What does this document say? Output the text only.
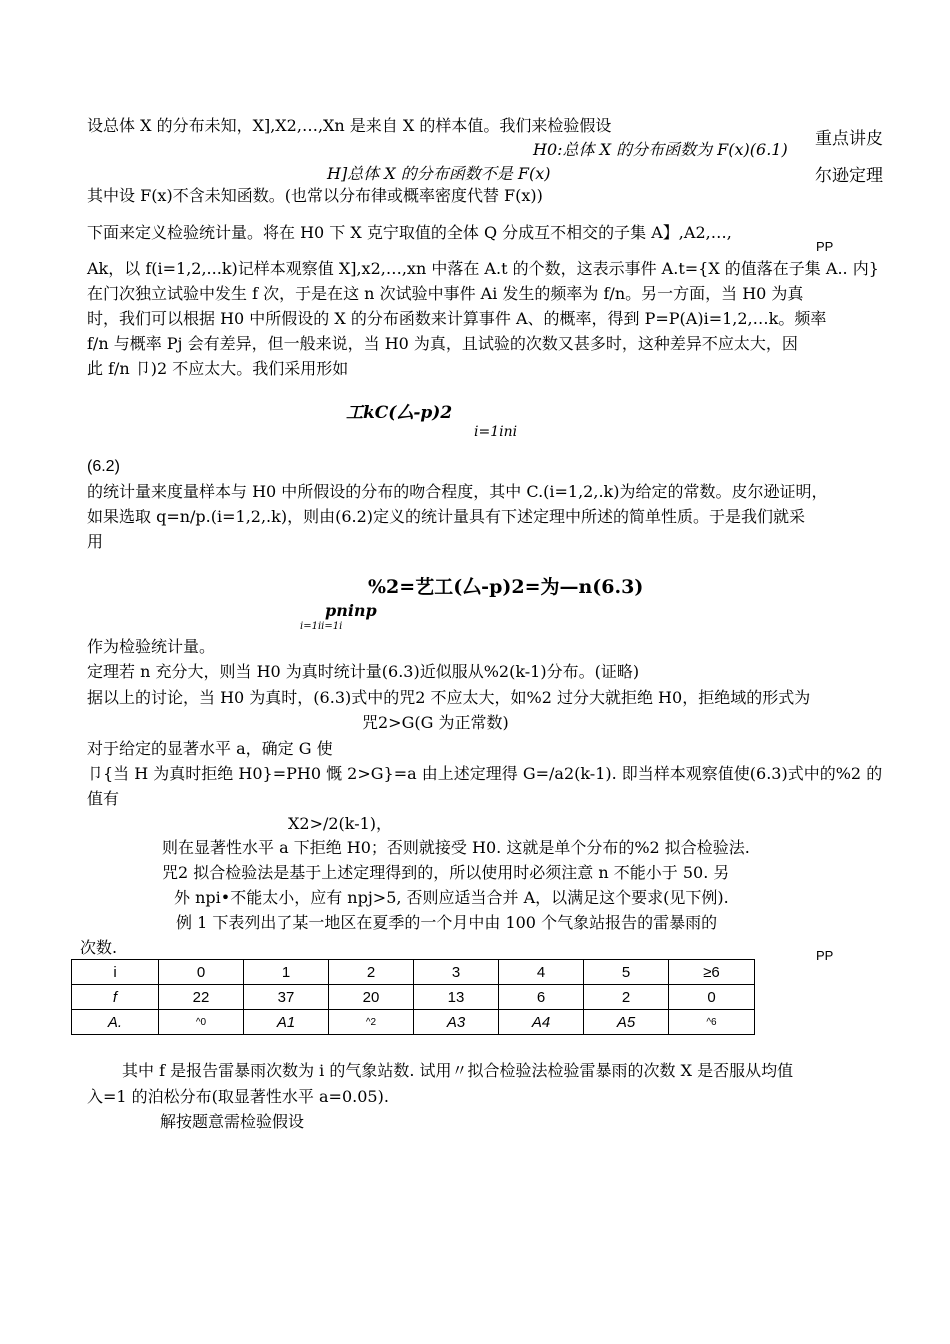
重点讲皮
尔逊定理
PP
PP
设总体 X 的分布未知，X],X2,…,Xn 是来自 X 的样本值。我们来检验假设
H0:总体 X 的分布函数为 F(x)(6.1)
H]总体 X 的分布函数不是 F(x)
其中设 F(x)不含未知函数。(也常以分布律或概率密度代替 F(x))
下面来定义检验统计量。将在 H0 下 X 克宁取值的全体 Q 分成互不相交的子集 A】,A2,…,
Ak，以 f(i=1,2,...k)记样本观察值 X],x2,…,xn 中落在 A.t 的个数，这表示事件 A.t={X 的值落在子集 A.. 内}
在门次独立试验中发生 f 次，于是在这 n 次试验中事件 Ai 发生的频率为 f/n。另一方面，当 H0 为真
时，我们可以根据 H0 中所假设的 X 的分布函数来计算事件 A、的概率，得到 P=P(A)i=1,2,…k。频率
f/n 与概率 Pj 会有差异，但一般来说，当 H0 为真，且试验的次数又甚多时，这种差异不应太大，因
此 f/n 卩)2 不应太大。我们采用形如
工kC(厶-p)2
i=1ini
(6.2)
的统计量来度量样本与 H0 中所假设的分布的吻合程度，其中 C.(i=1,2,.k)为给定的常数。皮尔逊证明，
如果选取 q=n/p.(i=1,2,.k)，则由(6.2)定义的统计量具有下述定理中所述的简单性质。于是我们就采
用
%2=艺工(厶-p)2=为—n(6.3)
pninp
i=1ii=1i
作为检验统计量。
定理若 n 充分大，则当 H0 为真时统计量(6.3)近似服从%2(k-1)分布。(证略)
据以上的讨论，当 H0 为真时，(6.3)式中的咒2 不应太大，如%2 过分大就拒绝 H0，拒绝域的形式为
咒2>G(G 为正常数)
对于给定的显著水平 a，确定 G 使
卩{当 H 为真时拒绝 H0}=PH0 慨 2>G}=a 由上述定理得 G=/a2(k-1). 即当样本观察值使(6.3)式中的%2 的
值有
X2>/2(k-1)，
则在显著性水平 a 下拒绝 H0；否则就接受 H0. 这就是单个分布的%2 拟合检验法.
咒2 拟合检验法是基于上述定理得到的，所以使用时必须注意 n 不能小于 50. 另
外 npi•不能太小，应有 npj>5, 否则应适当合并 A，以满足这个要求(见下例).
例 1 下表列出了某一地区在夏季的一个月中由 100 个气象站报告的雷暴雨的
次数.
i	0	1	2	3	4	5	≥6
f	22	37	20	13	6	2	0
A.	^0	A1	^2	A3	A4	A5	^6
其中 f 是报告雷暴雨次数为 i 的气象站数. 试用〃拟合检验法检验雷暴雨的次数 X 是否服从均值
入=1 的泊松分布(取显著性水平 a=0.05).
解按题意需检验假设
